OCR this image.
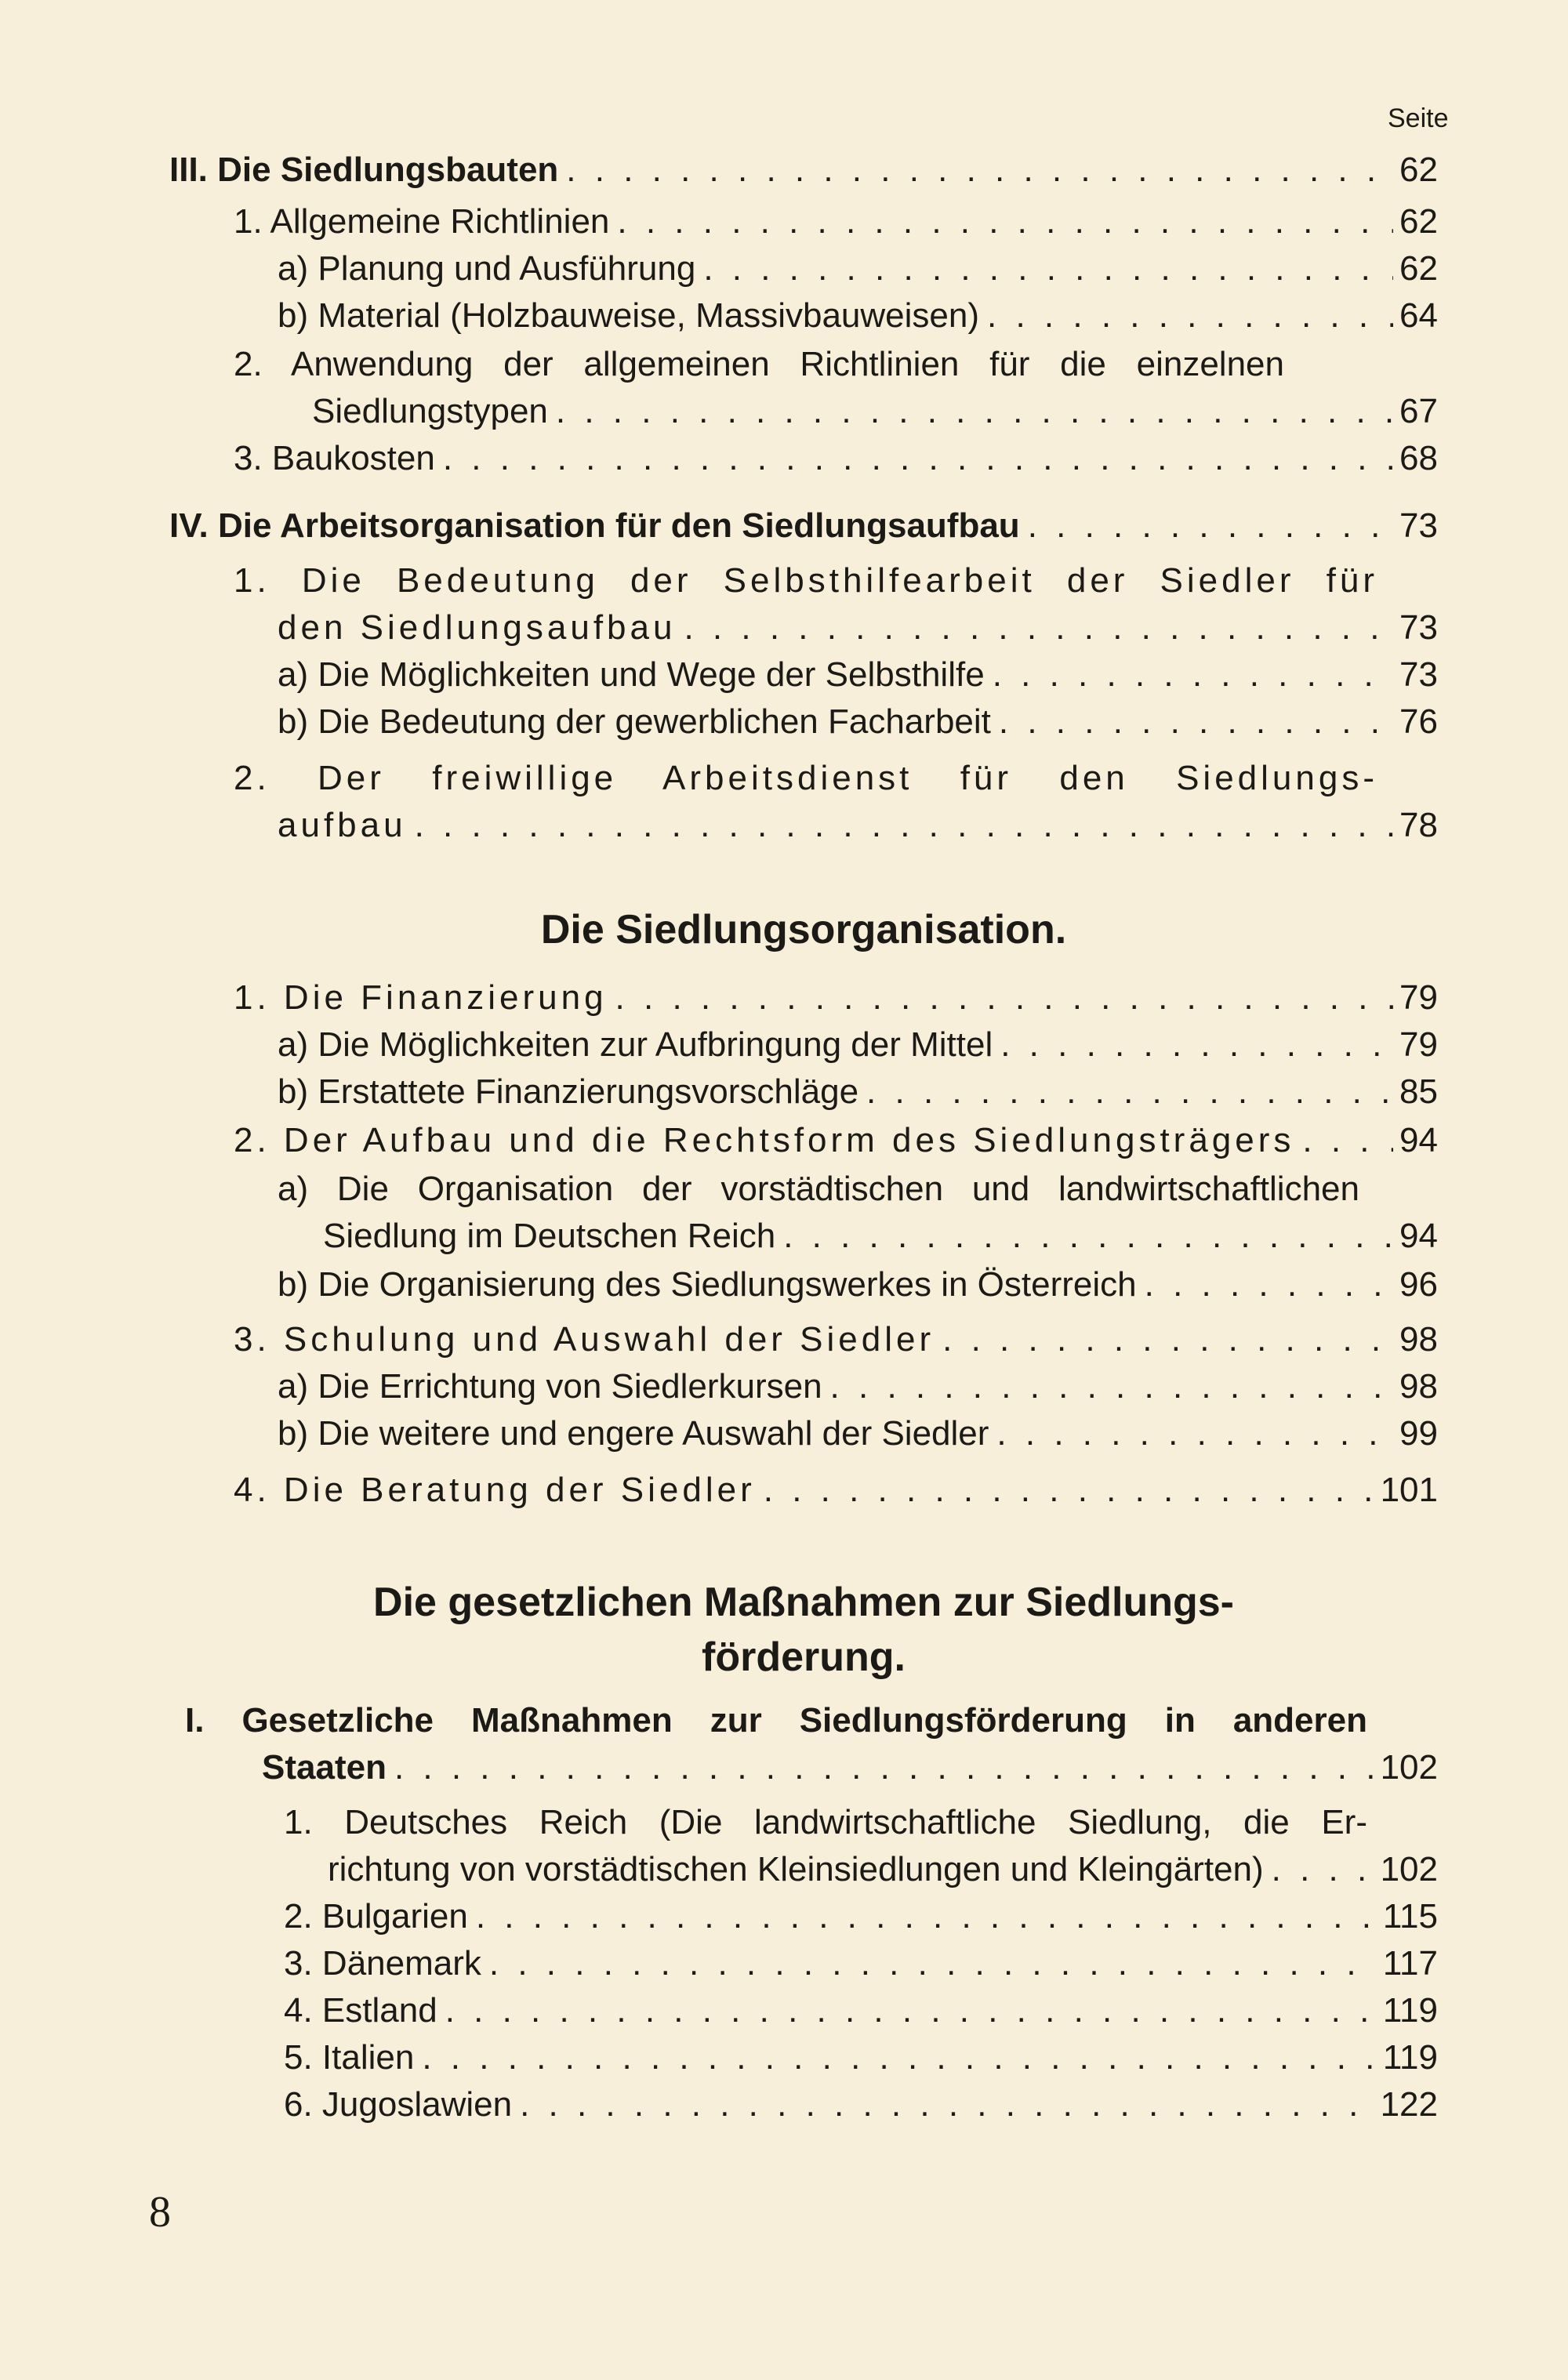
Seite
III. Die Siedlungsbauten . . .	62
1. Allgemeine Richtlinien . . .	62
a) Planung und Ausführung . . .	62
b) Material (Holzbauweise, Massivbauweisen) . . .	64
2. Anwendung der allgemeinen Richtlinien für die einzelnen
Siedlungstypen . . .	67
3. Baukosten . . .	68
IV. Die Arbeitsorganisation für den Siedlungsaufbau . . .	73
1. Die Bedeutung der Selbsthilfearbeit der Siedler für
den Siedlungsaufbau . . .	73
a) Die Möglichkeiten und Wege der Selbsthilfe . . .	73
b) Die Bedeutung der gewerblichen Facharbeit . . .	76
2. Der freiwillige Arbeitsdienst für den Siedlungs-
aufbau . . .	78
Die Siedlungsorganisation.
1. Die Finanzierung . . .	79
a) Die Möglichkeiten zur Aufbringung der Mittel . . .	79
b) Erstattete Finanzierungsvorschläge . . .	85
2. Der Aufbau und die Rechtsform des Siedlungsträgers . . .	94
a) Die Organisation der vorstädtischen und landwirtschaftlichen
Siedlung im Deutschen Reich . . .	94
b) Die Organisierung des Siedlungswerkes in Österreich . . .	96
3. Schulung und Auswahl der Siedler . . .	98
a) Die Errichtung von Siedlerkursen . . .	98
b) Die weitere und engere Auswahl der Siedler . . .	99
4. Die Beratung der Siedler . . .	101
Die gesetzlichen Maßnahmen zur Siedlungs-
förderung.
I. Gesetzliche Maßnahmen zur Siedlungsförderung in anderen
Staaten . . .	102
1. Deutsches Reich (Die landwirtschaftliche Siedlung, die Er-
richtung von vorstädtischen Kleinsiedlungen und Kleingärten) . . .	102
2. Bulgarien . . .	115
3. Dänemark . . .	117
4. Estland . . .	119
5. Italien . . .	119
6. Jugoslawien . . .	122
8
